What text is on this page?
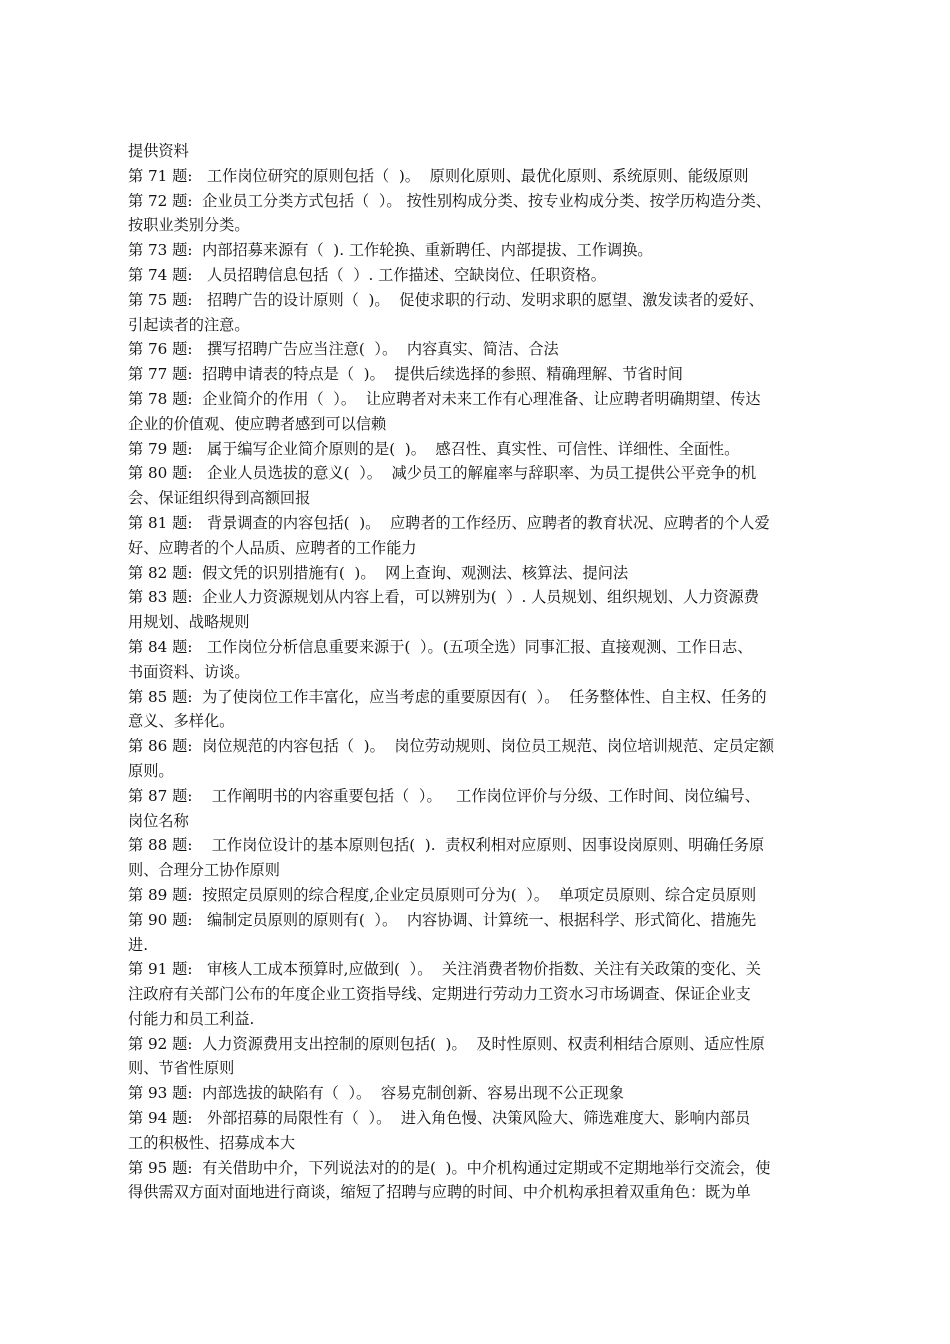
提供资料
第 71 题:   工作岗位研究的原则包括（  )。  原则化原则、最优化原则、系统原则、能级原则
第 72 题:  企业员工分类方式包括（  ）。 按性别构成分类、按专业构成分类、按学历构造分类、
按职业类别分类。
第 73 题:  内部招募来源有（  ). 工作轮换、重新聘任、内部提拔、工作调换。
第 74 题:   人员招聘信息包括（  ）. 工作描述、空缺岗位、任职资格。
第 75 题:   招聘广告的设计原则（  )。  促使求职的行动、发明求职的愿望、激发读者的爱好、
引起读者的注意。
第 76 题:   撰写招聘广告应当注意(  ）。  内容真实、简洁、合法
第 77 题:  招聘申请表的特点是（  )。  提供后续选择的参照、精确理解、节省时间
第 78 题:  企业简介的作用（  ）。  让应聘者对未来工作有心理准备、让应聘者明确期望、传达
企业的价值观、使应聘者感到可以信赖
第 79 题:   属于编写企业简介原则的是(  )。  感召性、真实性、可信性、详细性、全面性。
第 80 题:   企业人员选拔的意义(  ）。  减少员工的解雇率与辞职率、为员工提供公平竞争的机
会、保证组织得到高额回报
第 81 题:   背景调查的内容包括(  )。  应聘者的工作经历、应聘者的教育状况、应聘者的个人爱
好、应聘者的个人品质、应聘者的工作能力
第 82 题:  假文凭的识别措施有(  )。  网上查询、观测法、核算法、提问法
第 83 题:  企业人力资源规划从内容上看，可以辨别为(  ）. 人员规划、组织规划、人力资源费
用规划、战略规则
第 84 题:   工作岗位分析信息重要来源于(  ）。(五项全选）同事汇报、直接观测、工作日志、
书面资料、访谈。
第 85 题:  为了使岗位工作丰富化，应当考虑的重要原因有(  ）。  任务整体性、自主权、任务的
意义、多样化。
第 86 题:  岗位规范的内容包括（  )。  岗位劳动规则、岗位员工规范、岗位培训规范、定员定额
原则。
第 87 题:    工作阐明书的内容重要包括（  ）。   工作岗位评价与分级、工作时间、岗位编号、
岗位名称
第 88 题:    工作岗位设计的基本原则包括(  ).  责权利相对应原则、因事设岗原则、明确任务原
则、合理分工协作原则
第 89 题:  按照定员原则的综合程度,企业定员原则可分为(  ）。  单项定员原则、综合定员原则
第 90 题:   编制定员原则的原则有(  ）。  内容协调、计算统一、根据科学、形式简化、措施先
进.
第 91 题:   审核人工成本预算时,应做到(  ）。  关注消费者物价指数、关注有关政策的变化、关
注政府有关部门公布的年度企业工资指导线、定期进行劳动力工资水习市场调查、保证企业支
付能力和员工利益.
第 92 题:  人力资源费用支出控制的原则包括(  )。  及时性原则、权责利相结合原则、适应性原
则、节省性原则
第 93 题:  内部选拔的缺陷有（  ）。  容易克制创新、容易出现不公正现象
第 94 题:   外部招募的局限性有（  ）。  进入角色慢、决策风险大、筛选难度大、影响内部员
工的积极性、招募成本大
第 95 题:  有关借助中介，下列说法对的的是(  )。中介机构通过定期或不定期地举行交流会，使
得供需双方面对面地进行商谈，缩短了招聘与应聘的时间、中介机构承担着双重角色：既为单
